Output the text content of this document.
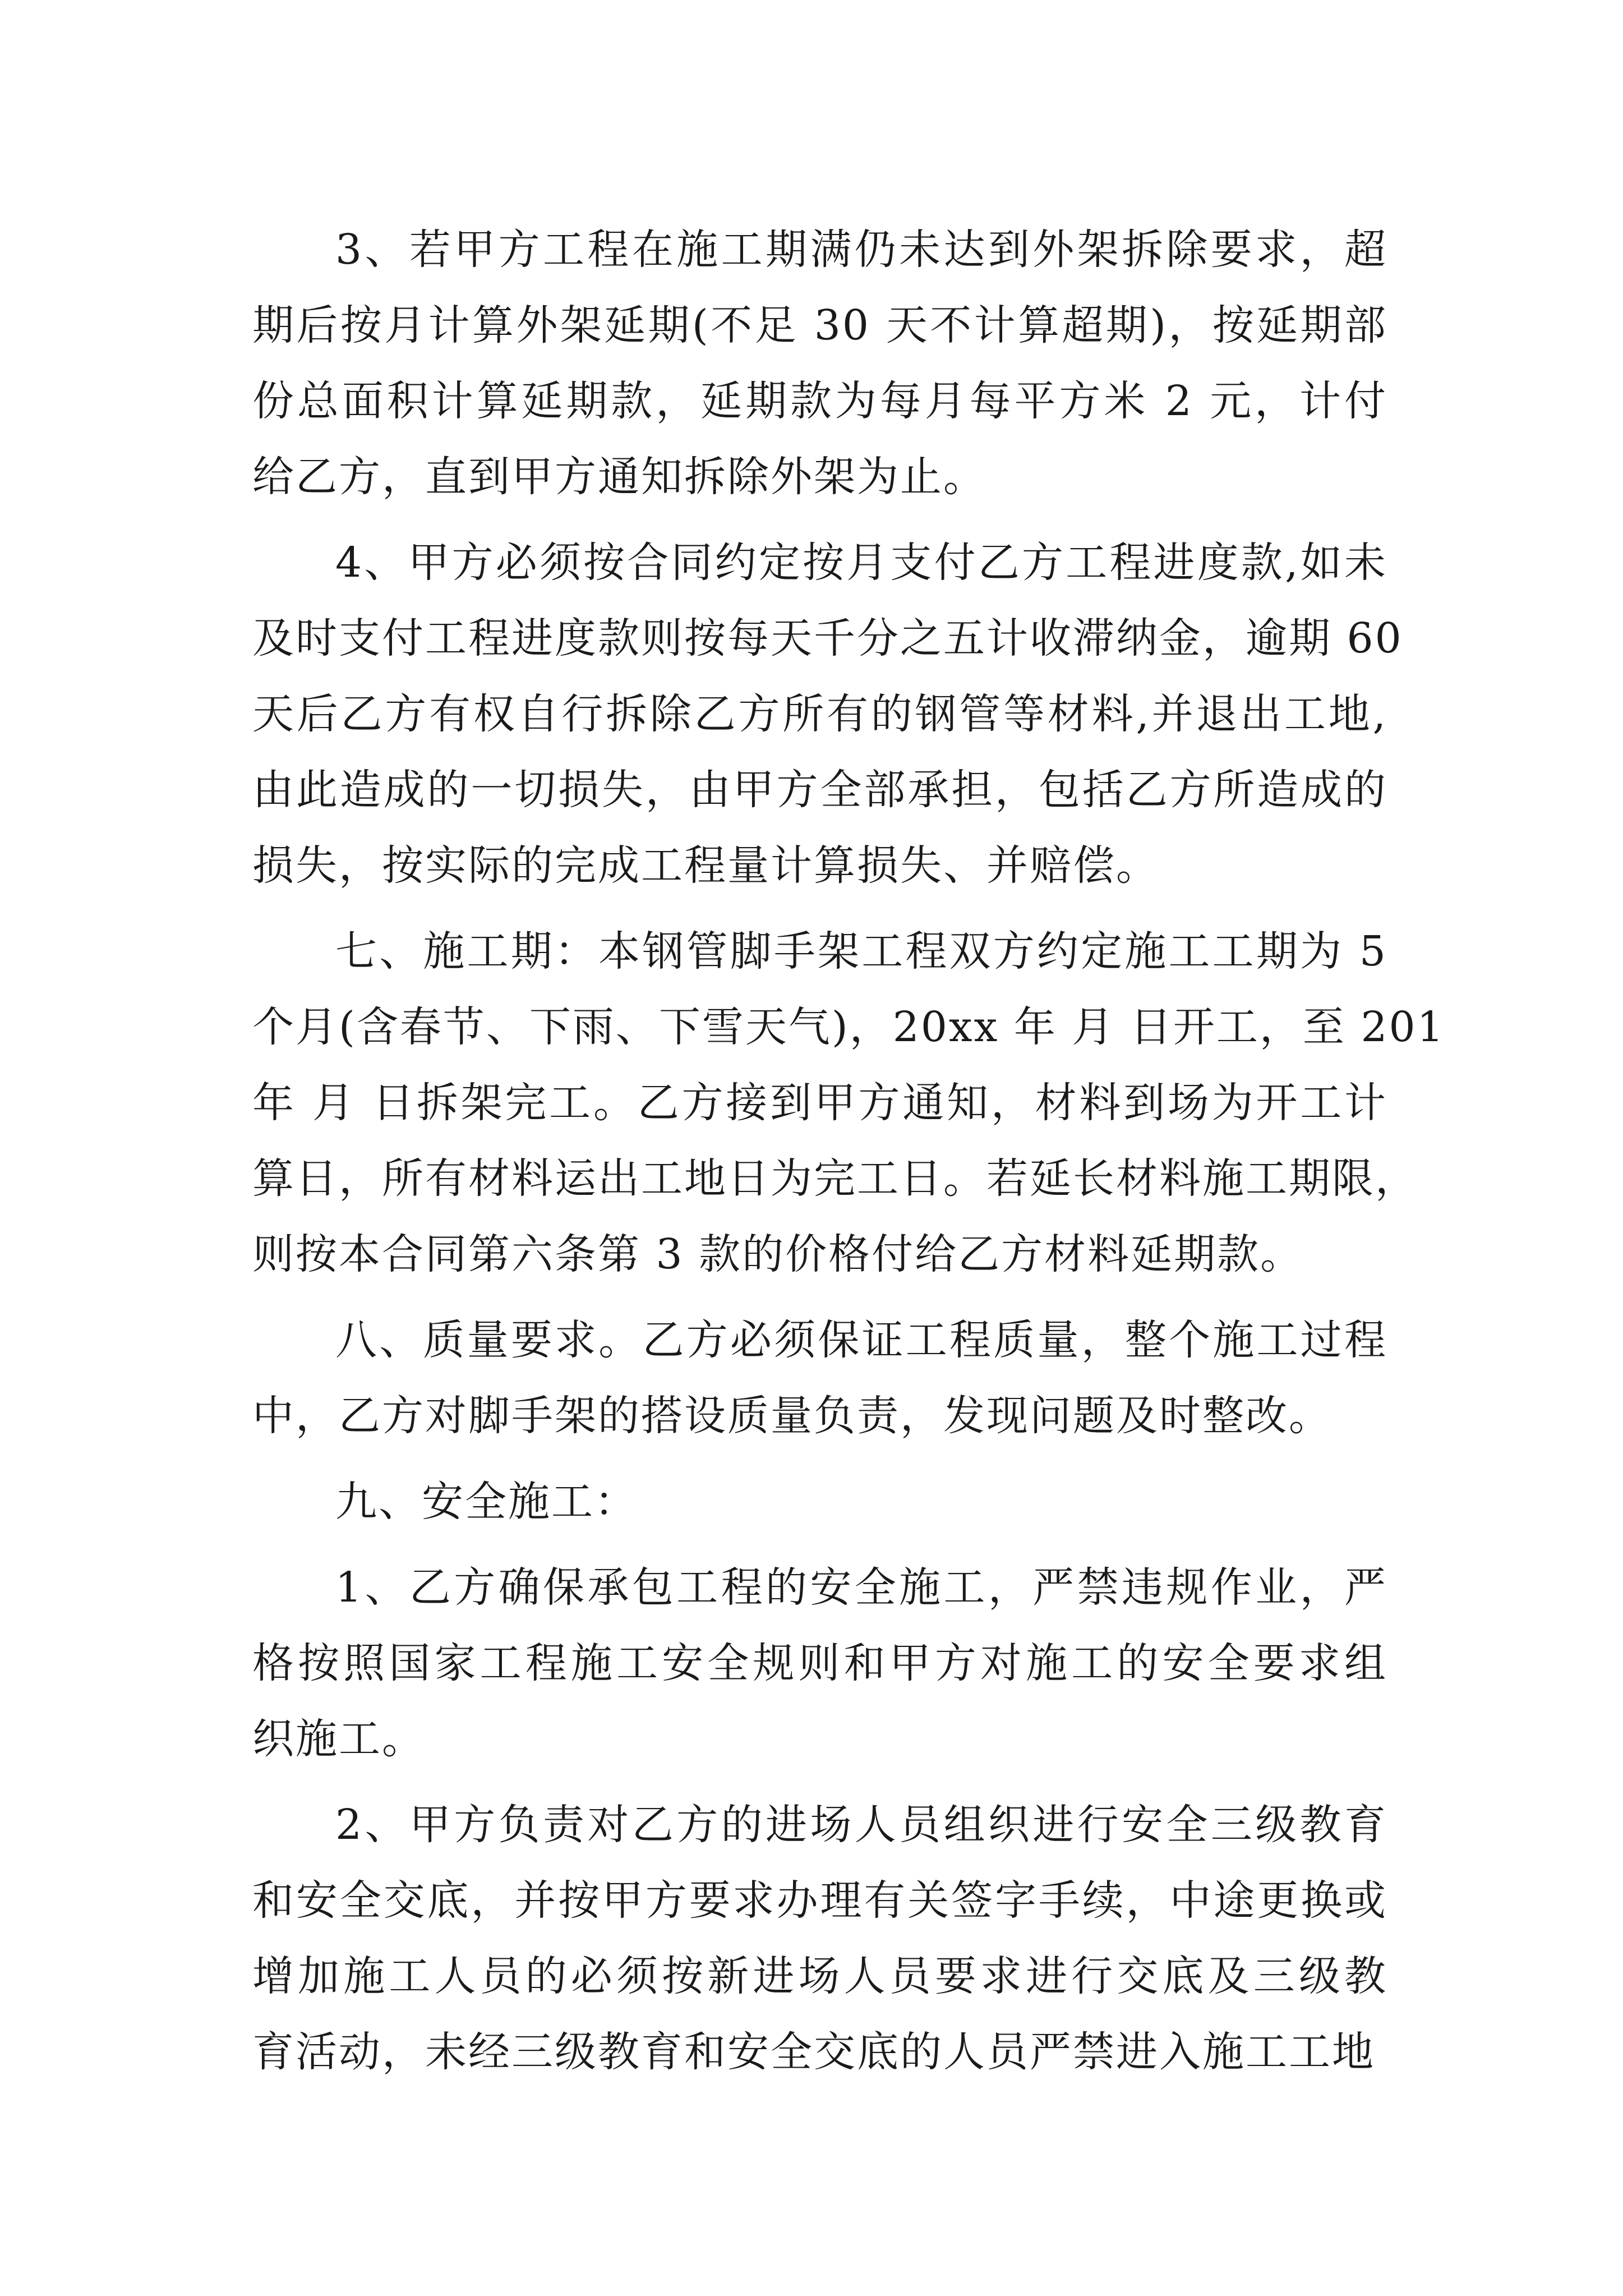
3、若甲方工程在施工期满仍未达到外架拆除要求，超
期后按月计算外架延期(不足 30 天不计算超期)，按延期部
份总面积计算延期款，延期款为每月每平方米 2 元，计付
给乙方，直到甲方通知拆除外架为止。
4、甲方必须按合同约定按月支付乙方工程进度款,如未
及时支付工程进度款则按每天千分之五计收滞纳金，逾期 60
天后乙方有权自行拆除乙方所有的钢管等材料,并退出工地,
由此造成的一切损失，由甲方全部承担，包括乙方所造成的
损失，按实际的完成工程量计算损失、并赔偿。
七、施工期：本钢管脚手架工程双方约定施工工期为 5
个月(含春节、下雨、下雪天气)，20xx 年 月 日开工，至 201
年 月 日拆架完工。乙方接到甲方通知，材料到场为开工计
算日，所有材料运出工地日为完工日。若延长材料施工期限，
则按本合同第六条第 3 款的价格付给乙方材料延期款。
八、质量要求。乙方必须保证工程质量，整个施工过程
中，乙方对脚手架的搭设质量负责，发现问题及时整改。
九、安全施工：
1、乙方确保承包工程的安全施工，严禁违规作业，严
格按照国家工程施工安全规则和甲方对施工的安全要求组
织施工。
2、甲方负责对乙方的进场人员组织进行安全三级教育
和安全交底，并按甲方要求办理有关签字手续，中途更换或
增加施工人员的必须按新进场人员要求进行交底及三级教
育活动，未经三级教育和安全交底的人员严禁进入施工工地
